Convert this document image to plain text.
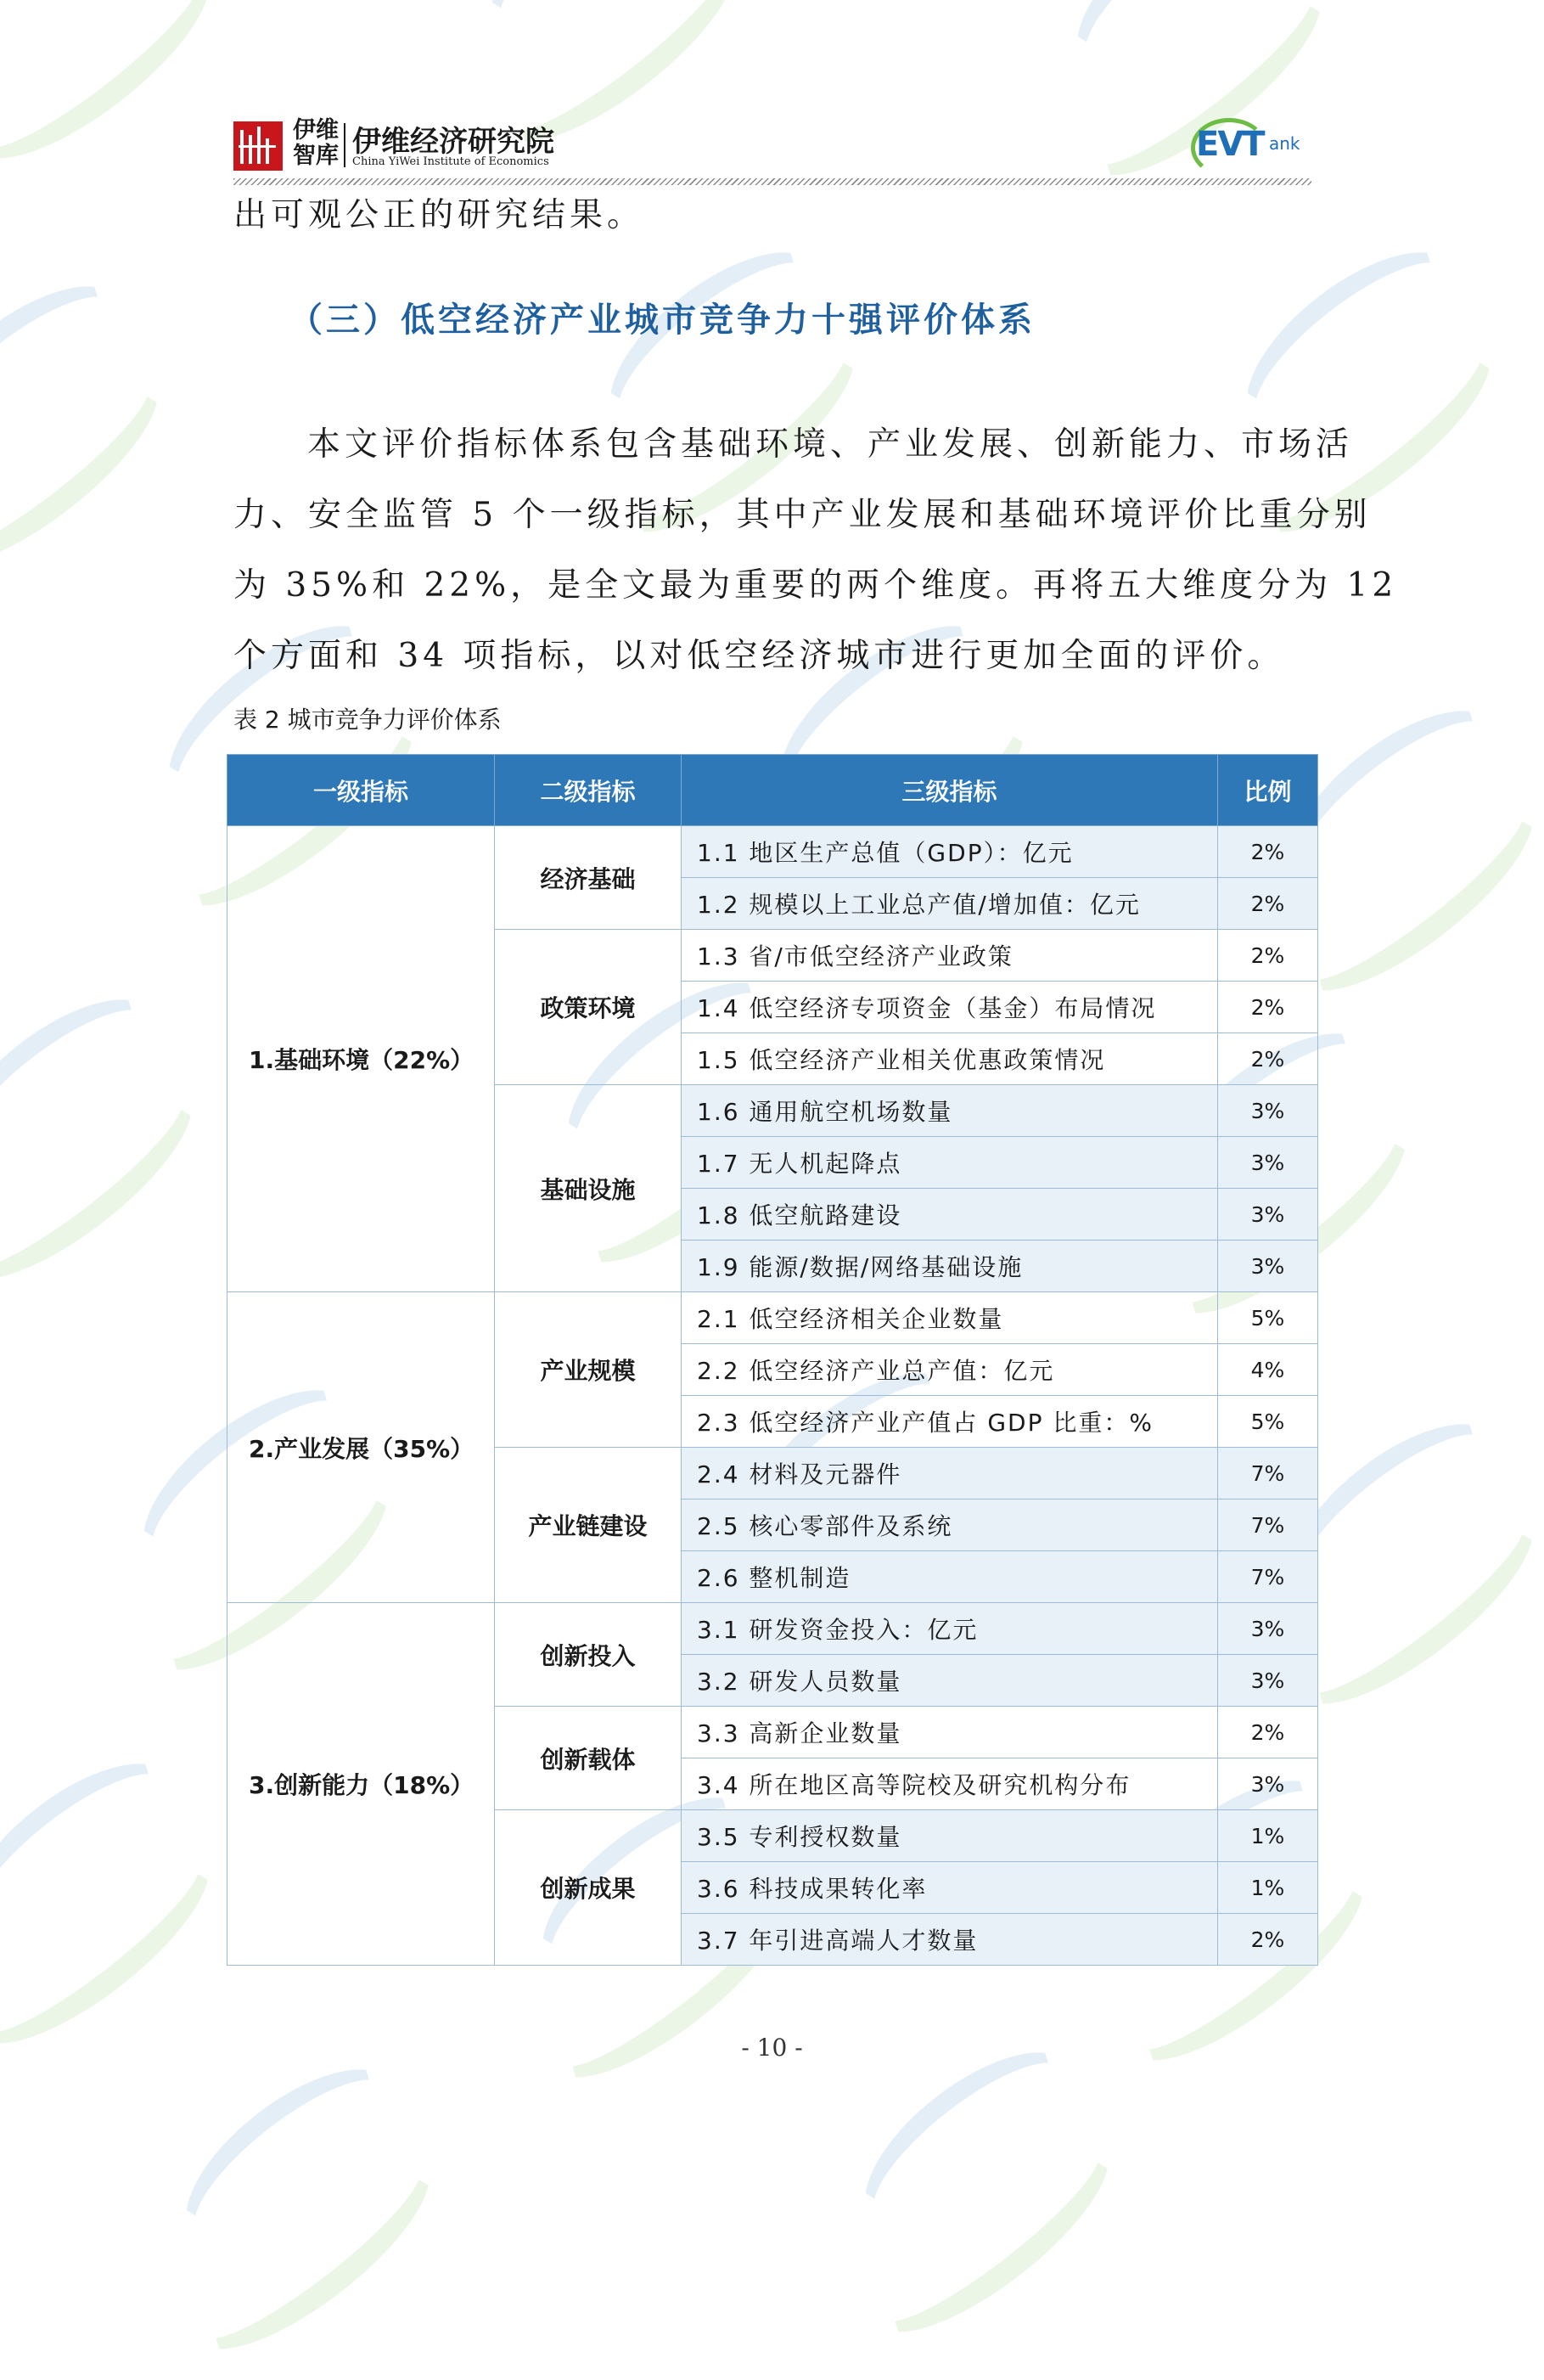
伊维智库 伊维经济研究院
China YiWei Institute of Economics	EVT ank
出可观公正的研究结果。
（三）低空经济产业城市竞争力十强评价体系
本文评价指标体系包含基础环境、产业发展、创新能力、市场活
力、安全监管 5 个一级指标，其中产业发展和基础环境评价比重分别
为 35%和 22%，是全文最为重要的两个维度。再将五大维度分为 12
个方面和 34 项指标，以对低空经济城市进行更加全面的评价。
表 2 城市竞争力评价体系
一级指标	二级指标	三级指标	比例
1.基础环境（22%）	经济基础	1.1 地区生产总值（GDP）：亿元	2%
		1.2 规模以上工业总产值/增加值：亿元	2%
	政策环境	1.3 省/市低空经济产业政策	2%
		1.4 低空经济专项资金（基金）布局情况	2%
		1.5 低空经济产业相关优惠政策情况	2%
	基础设施	1.6 通用航空机场数量	3%
		1.7 无人机起降点	3%
		1.8 低空航路建设	3%
		1.9 能源/数据/网络基础设施	3%
2.产业发展（35%）	产业规模	2.1 低空经济相关企业数量	5%
		2.2 低空经济产业总产值：亿元	4%
		2.3 低空经济产业产值占 GDP 比重：%	5%
	产业链建设	2.4 材料及元器件	7%
		2.5 核心零部件及系统	7%
		2.6 整机制造	7%
3.创新能力（18%）	创新投入	3.1 研发资金投入：亿元	3%
		3.2 研发人员数量	3%
	创新载体	3.3 高新企业数量	2%
		3.4 所在地区高等院校及研究机构分布	3%
	创新成果	3.5 专利授权数量	1%
		3.6 科技成果转化率	1%
		3.7 年引进高端人才数量	2%
- 10 -
